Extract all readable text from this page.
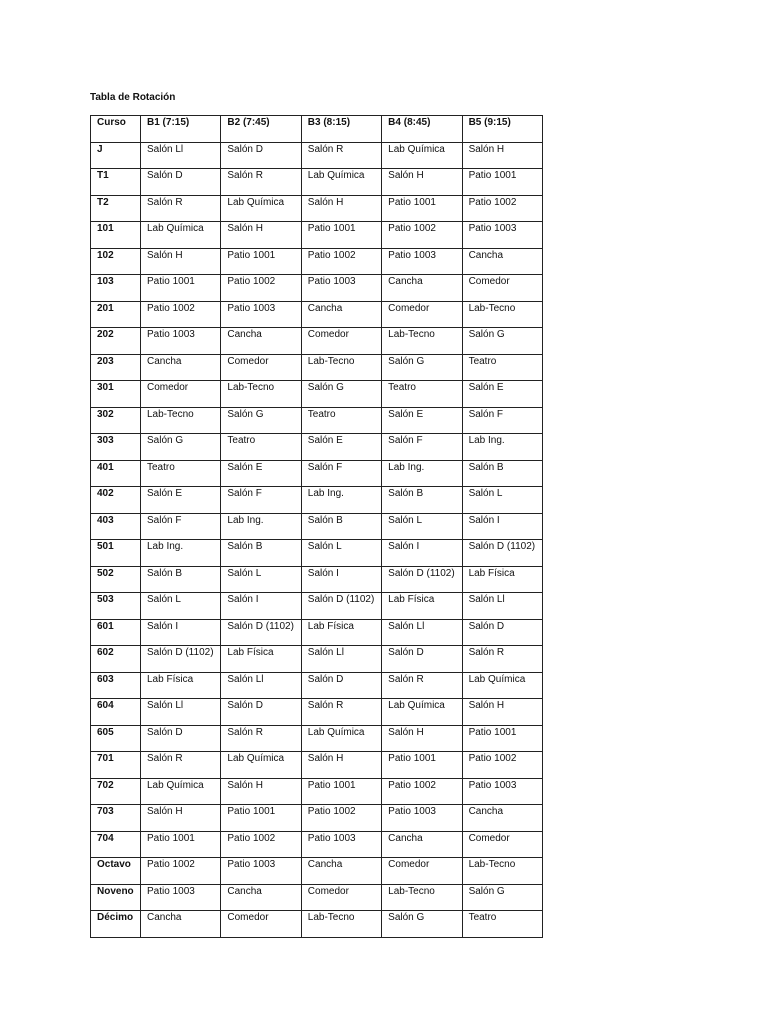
Tabla de Rotación
Curso	B1 (7:15)	B2 (7:45)	B3 (8:15)	B4 (8:45)	B5 (9:15)
J	Salón Ll	Salón D	Salón R	Lab Química	Salón H
T1	Salón D	Salón R	Lab Química	Salón H	Patio 1001
T2	Salón R	Lab Química	Salón H	Patio 1001	Patio 1002
101	Lab Química	Salón H	Patio 1001	Patio 1002	Patio 1003
102	Salón H	Patio 1001	Patio 1002	Patio 1003	Cancha
103	Patio 1001	Patio 1002	Patio 1003	Cancha	Comedor
201	Patio 1002	Patio 1003	Cancha	Comedor	Lab-Tecno
202	Patio 1003	Cancha	Comedor	Lab-Tecno	Salón G
203	Cancha	Comedor	Lab-Tecno	Salón G	Teatro
301	Comedor	Lab-Tecno	Salón G	Teatro	Salón E
302	Lab-Tecno	Salón G	Teatro	Salón E	Salón F
303	Salón G	Teatro	Salón E	Salón F	Lab Ing.
401	Teatro	Salón E	Salón F	Lab Ing.	Salón B
402	Salón E	Salón F	Lab Ing.	Salón B	Salón L
403	Salón F	Lab Ing.	Salón B	Salón L	Salón I
501	Lab Ing.	Salón B	Salón L	Salón I	Salón D (1102)
502	Salón B	Salón L	Salón I	Salón D (1102)	Lab Física
503	Salón L	Salón I	Salón D (1102)	Lab Física	Salón Ll
601	Salón I	Salón D (1102)	Lab Física	Salón Ll	Salón D
602	Salón D (1102)	Lab Física	Salón Ll	Salón D	Salón R
603	Lab Física	Salón Ll	Salón D	Salón R	Lab Química
604	Salón Ll	Salón D	Salón R	Lab Química	Salón H
605	Salón D	Salón R	Lab Química	Salón H	Patio 1001
701	Salón R	Lab Química	Salón H	Patio 1001	Patio 1002
702	Lab Química	Salón H	Patio 1001	Patio 1002	Patio 1003
703	Salón H	Patio 1001	Patio 1002	Patio 1003	Cancha
704	Patio 1001	Patio 1002	Patio 1003	Cancha	Comedor
Octavo	Patio 1002	Patio 1003	Cancha	Comedor	Lab-Tecno
Noveno	Patio 1003	Cancha	Comedor	Lab-Tecno	Salón G
Décimo	Cancha	Comedor	Lab-Tecno	Salón G	Teatro
